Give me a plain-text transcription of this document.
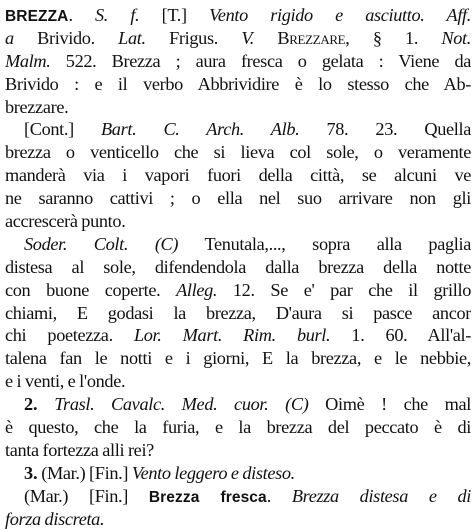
BREZZA. S. f. [T.] Vento rigido e asciutto. Aff.
a Brivido. Lat. Frigus. V. Brezzare, § 1. Not.
Malm. 522. Brezza ; aura fresca o gelata : Viene da
Brivido : e il verbo Abbrividire è lo stesso che Ab-
brezzare.
[Cont.] Bart. C. Arch. Alb. 78. 23. Quella
brezza o venticello che si lieva col sole, o veramente
manderà via i vapori fuori della città, se alcuni ve
ne saranno cattivi ; o ella nel suo arrivare non gli
accrescerà punto.
Soder. Colt. (C) Tenutala,..., sopra alla paglia
distesa al sole, difendendola dalla brezza della notte
con buone coperte. Alleg. 12. Se e' par che il grillo
chiami, E godasi la brezza, D'aura si pasce ancor
chi poetezza. Lor. Mart. Rim. burl. 1. 60. All'al-
talena fan le notti e i giorni, E la brezza, e le nebbie,
e i venti, e l'onde.
2. Trasl. Cavalc. Med. cuor. (C) Oimè ! che mal
è questo, che la furia, e la brezza del peccato è di
tanta fortezza alli rei?
3. (Mar.) [Fin.] Vento leggero e disteso.
(Mar.) [Fin.] Brezza fresca. Brezza distesa e di
forza discreta.
